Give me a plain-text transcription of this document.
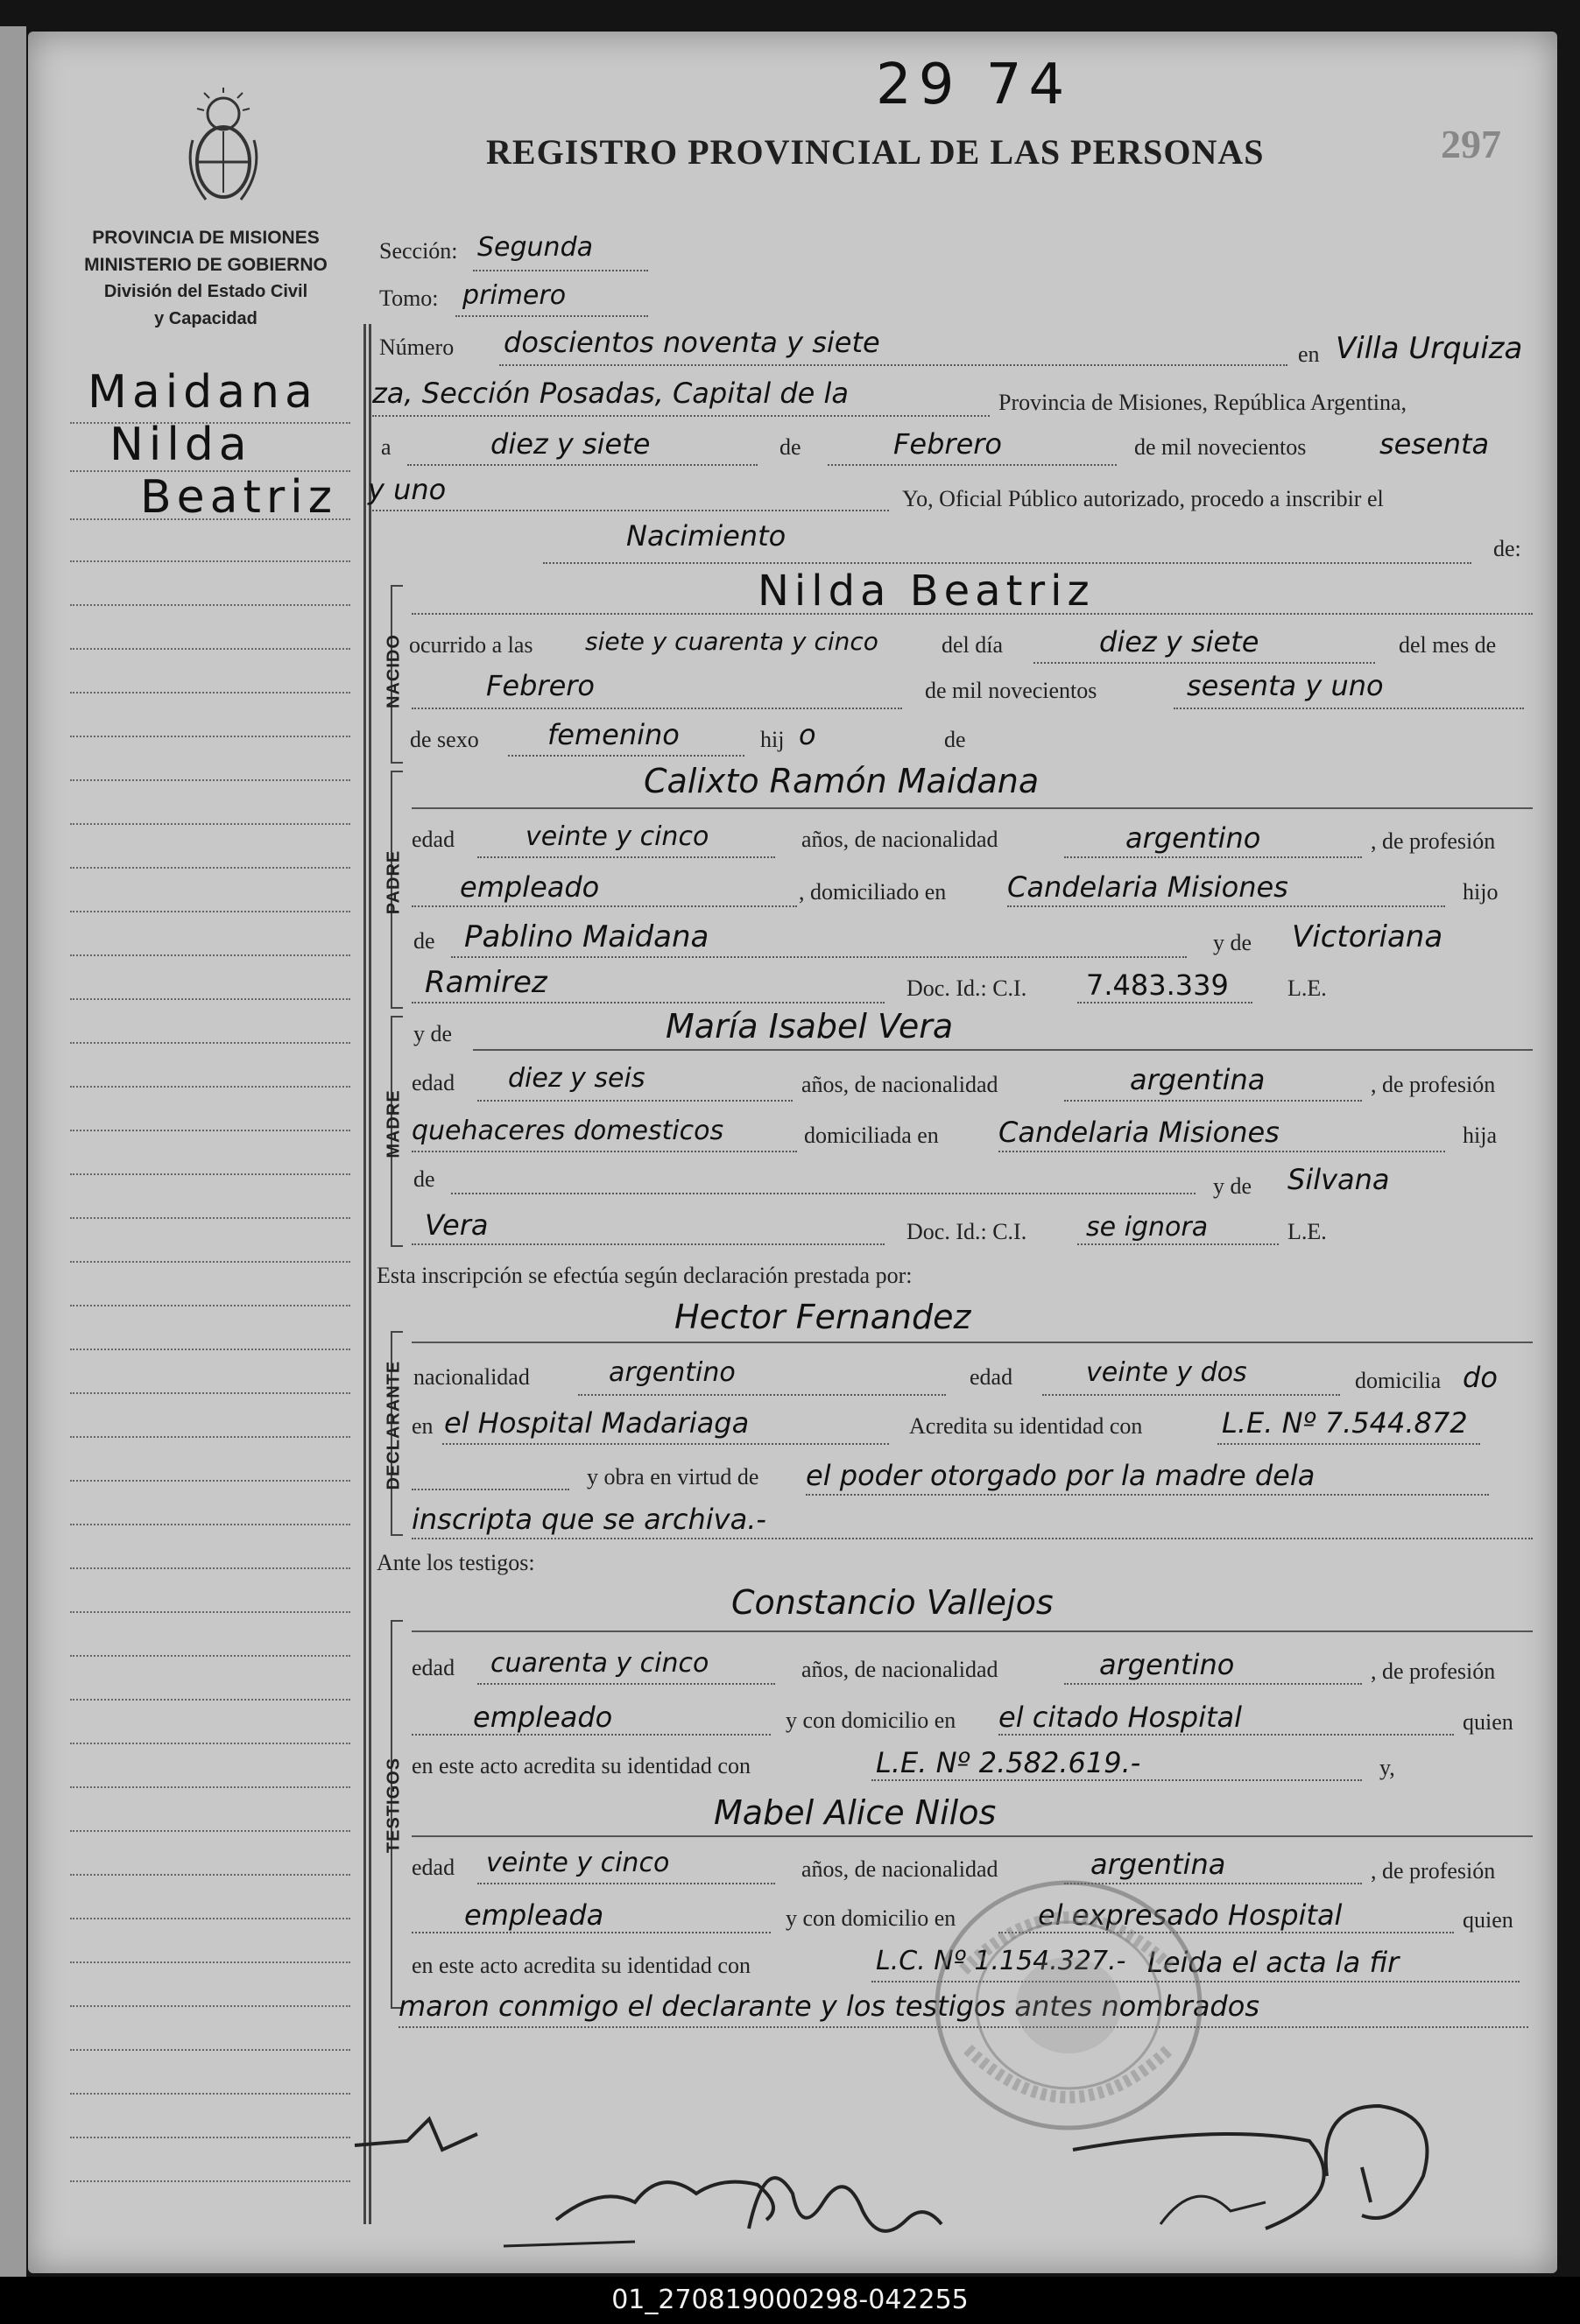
PROVINCIA DE MISIONES
MINISTERIO DE GOBIERNO
División del Estado Civil
y Capacidad
29 74
REGISTRO PROVINCIAL DE LAS PERSONAS	297
Maidana
Nilda
Beatriz
Sección: Segunda
Tomo: primero
Número doscientos noventa y siete	en Villa Urquiza
za, Sección Posadas, Capital de la	Provincia de Misiones, República Argentina,
a	diez y siete	de	Febrero	de mil novecientos	sesenta
y uno	Yo, Oficial Público autorizado, procedo a inscribir el
Nacimiento	de:
NACIDO
Nilda Beatriz
ocurrido a las siete y cuarenta y cinco	del día	diez y siete	del mes de
Febrero	de mil novecientos	sesenta y uno
de sexo femenino	hij o	de
PADRE
Calixto Ramón Maidana
edad	veinte y cinco	años, de nacionalidad	argentino	, de profesión
empleado	, domiciliado en Candelaria Misiones	hijo
de Pablino Maidana	y de Victoriana
Ramirez	Doc. Id.: C.I. 7.483.339	L.E.
MADRE
y de	María Isabel Vera
edad diez y seis	años, de nacionalidad	argentina	, de profesión
quehaceres domesticos	domiciliada en Candelaria Misiones	hija
de	y de Silvana
Vera	Doc. Id.: C.I. se ignora	L.E.
Esta inscripción se efectúa según declaración prestada por:
DECLARANTE
Hector Fernandez
nacionalidad	argentino	edad	veinte y dos	domicilia do
en el Hospital Madariaga	Acredita su identidad con	L.E. Nº 7.544.872
y obra en virtud de el poder otorgado por la madre dela
inscripta que se archiva.-
Ante los testigos:
TESTIGOS
Constancio Vallejos
edad cuarenta y cinco	años, de nacionalidad	argentino	, de profesión
empleado	y con domicilio en el citado Hospital	quien
en este acto acredita su identidad con	L.E. Nº 2.582.619.-	y,
Mabel Alice Nilos
edad veinte y cinco	años, de nacionalidad	argentina	, de profesión
empleada	y con domicilio en	el expresado Hospital	quien
en este acto acredita su identidad con	L.C. Nº 1.154.327.- Leida el acta la fir
maron conmigo el declarante y los testigos antes nombrados
01_270819000298-042255
